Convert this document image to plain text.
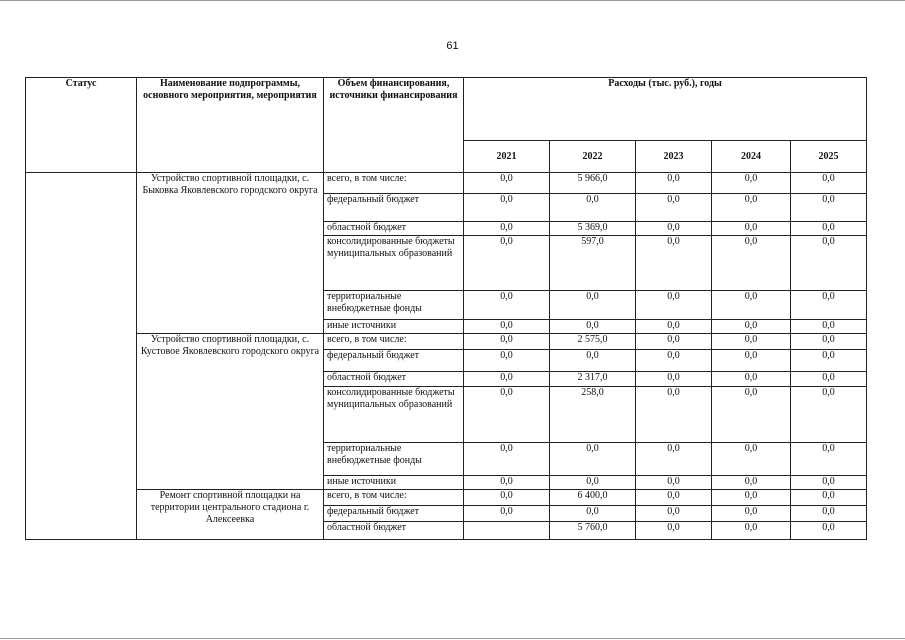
61
Статус	Наименование подпрограммы, основного мероприятия, мероприятия	Объем финансирования, источники финансирования	Расходы (тыс. руб.), годы				
			2021	2022	2023	2024	2025
	Устройство спортивной площадки, с. Быковка Яковлевского городского округа	всего, в том числе:	0,0	5 966,0	0,0	0,0	0,0
		федеральный бюджет	0,0	0,0	0,0	0,0	0,0
		областной бюджет	0,0	5 369,0	0,0	0,0	0,0
		консолидированные бюджеты муниципальных образований	0,0	597,0	0,0	0,0	0,0
		территориальные внебюджетные фонды	0,0	0,0	0,0	0,0	0,0
		иные источники	0,0	0,0	0,0	0,0	0,0
	Устройство спортивной площадки, с. Кустовое Яковлевского городского округа	всего, в том числе:	0,0	2 575,0	0,0	0,0	0,0
		федеральный бюджет	0,0	0,0	0,0	0,0	0,0
		областной бюджет	0,0	2 317,0	0,0	0,0	0,0
		консолидированные бюджеты муниципальных образований	0,0	258,0	0,0	0,0	0,0
		территориальные внебюджетные фонды	0,0	0,0	0,0	0,0	0,0
		иные источники	0,0	0,0	0,0	0,0	0,0
	Ремонт спортивной площадки на территории центрального стадиона г. Алексеевка	всего, в том числе:	0,0	6 400,0	0,0	0,0	0,0
		федеральный бюджет	0,0	0,0	0,0	0,0	0,0
		областной бюджет		5 760,0	0,0	0,0	0,0
